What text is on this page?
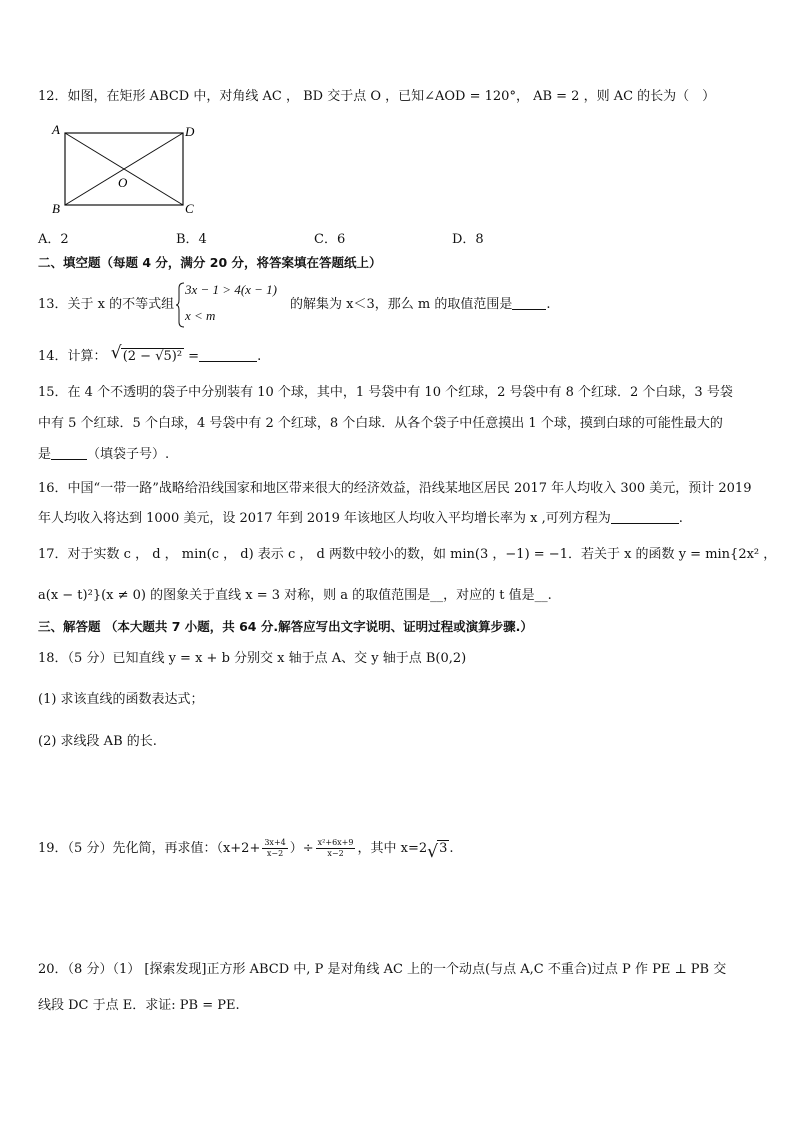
12．如图，在矩形 ABCD 中，对角线 AC ， BD 交于点 O ，已知∠AOD = 120°， AB = 2 ，则 AC 的长为（　）
A	D
B	C
O
A．2	B．4	C．6	D．8
二、填空题（每题 4 分，满分 20 分，将答案填在答题纸上）
13．关于 x 的不等式组
3x − 1 > 4(x − 1)
x < m
的解集为 x＜3，那么 m 的取值范围是	.
14．计算： √ (2 − √5)² =	.
15．在 4 个不透明的袋子中分别装有 10 个球，其中，1 号袋中有 10 个红球，2 号袋中有 8 个红球．2 个白球，3 号袋
中有 5 个红球．5 个白球，4 号袋中有 2 个红球，8 个白球．从各个袋子中任意摸出 1 个球，摸到白球的可能性最大的
是	（填袋子号）.
16．中国“一带一路”战略给沿线国家和地区带来很大的经济效益，沿线某地区居民 2017 年人均收入 300 美元，预计 2019
年人均收入将达到 1000 美元，设 2017 年到 2019 年该地区人均收入平均增长率为 x ,可列方程为	.
17．对于实数 c ， d ， min(c ， d) 表示 c ， d 两数中较小的数，如 min(3 ，−1) = −1．若关于 x 的函数 y = min{2x² ，
a(x − t)²}(x ≠ 0) 的图象关于直线 x = 3 对称，则 a 的取值范围是__，对应的 t 值是__.
三、解答题 （本大题共 7 小题，共 64 分.解答应写出文字说明、证明过程或演算步骤.）
18．（5 分）已知直线 y = x + b 分别交 x 轴于点 A、交 y 轴于点 B(0,2)
(1) 求该直线的函数表达式；
(2) 求线段 AB 的长.
19．（5 分）先化简，再求值：（$x+2+ \frac{3x+4}{x-2}$ ）÷ $\frac{\text{x²+6x+9}}{x-2}$ ，其中 x=2 √ 3 .
20．（8 分）（1） [探索发现]正方形 ABCD 中, P 是对角线 AC 上的一个动点(与点 A,C 不重合)过点 P 作 PE ⊥ PB 交
线段 DC 于点 E．求证: PB = PE.
